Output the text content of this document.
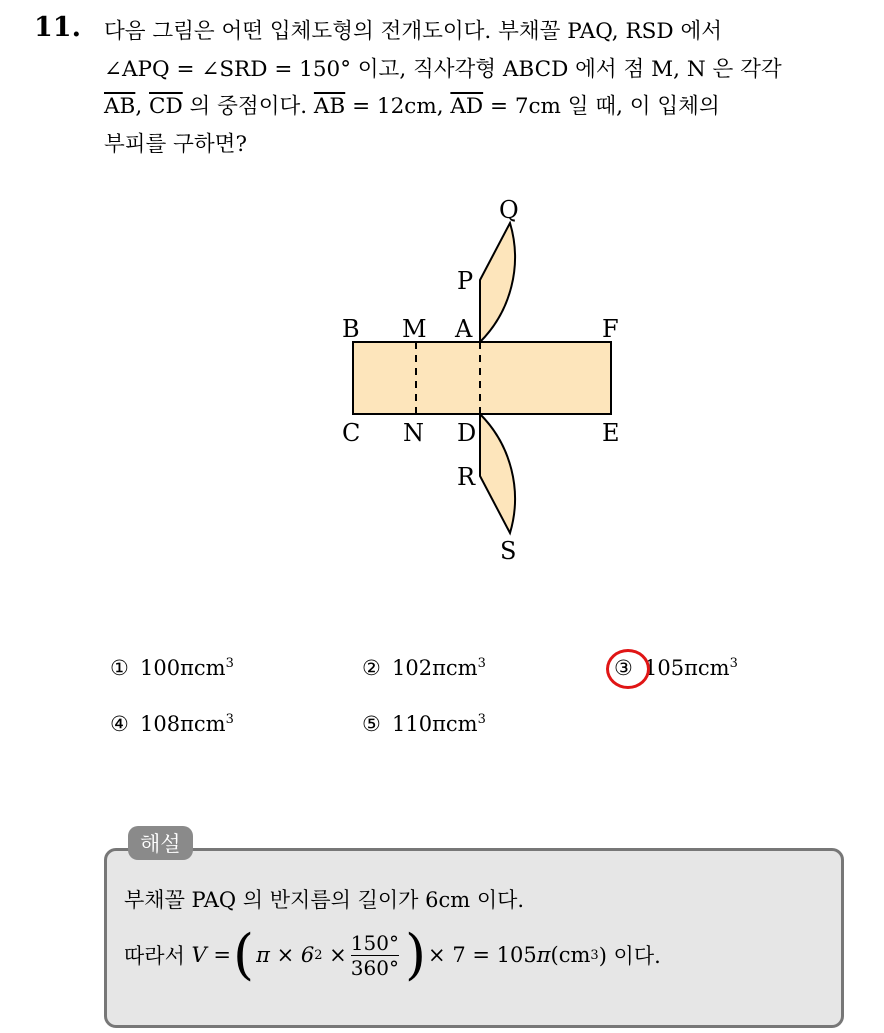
11. 다음 그림은 어떤 입체도형의 전개도이다. 부채꼴 PAQ, RSD 에서
∠APQ = ∠SRD = 150° 이고, 직사각형 ABCD 에서 점 M, N 은 각각
$\overline{AB}$, $\overline{CD}$ 의 중점이다. $\overline{AB} = 12cm$, $\overline{AD} = 7cm$ 일 때, 이 입체의
부피를 구하면?
Q
P
B M A	F
C N D	E
R
S
① 100πcm$^3$	② 102πcm$^3$	③ 105πcm$^3$
④ 108πcm$^3$	⑤ 110πcm$^3$
해설
부채꼴 PAQ 의 반지름의 길이가 6cm 이다.
따라서
V
= ( π × 6 2
× $\frac{150^\circ}{360^\circ}$ ) × 7 = 105 π (cm 3 ) 이다.
